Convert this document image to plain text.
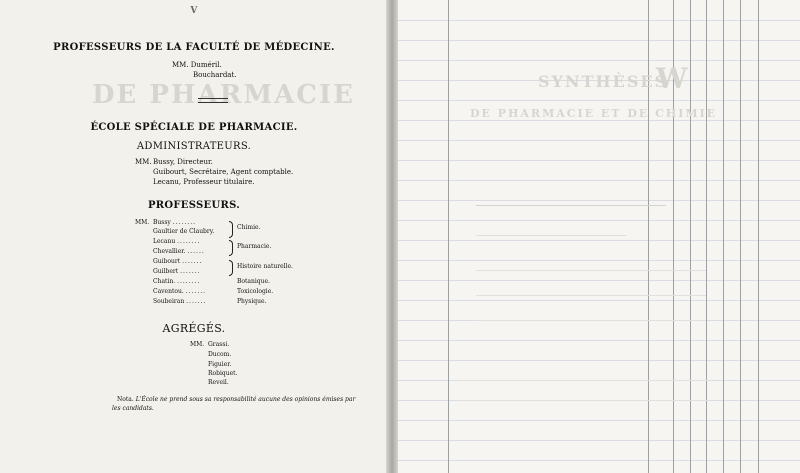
DE PHARMACIE
V
PROFESSEURS DE LA FACULTÉ DE MÉDECINE.
MM. Duméril.
Bouchardat.
ÉCOLE SPÉCIALE DE PHARMACIE.
ADMINISTRATEURS.
MM. Bussy, Directeur.
Guibourt, Secrétaire, Agent comptable.
Lecanu, Professeur titulaire.
PROFESSEURS.
MM. Bussy ........
Gaultier de Claubry.
Lecanu ........
Chevallier. ......
Guibourt .......
Guilbert .......
Chatin. ........
Caventou. .......
Soubeiran .......
Chimie.
Pharmacie.
Histoire naturelle.
Botanique.
Toxicologie.
Physique.
AGRÉGÉS.
MM. Grassi.
Ducom.
Figuier.
Robiquet.
Reveil.
Nota. L'École ne prend sous sa responsabilité aucune des opinions émises par
les candidats.
SYNTHÈSES
W
DE PHARMACIE ET DE CHIMIE
